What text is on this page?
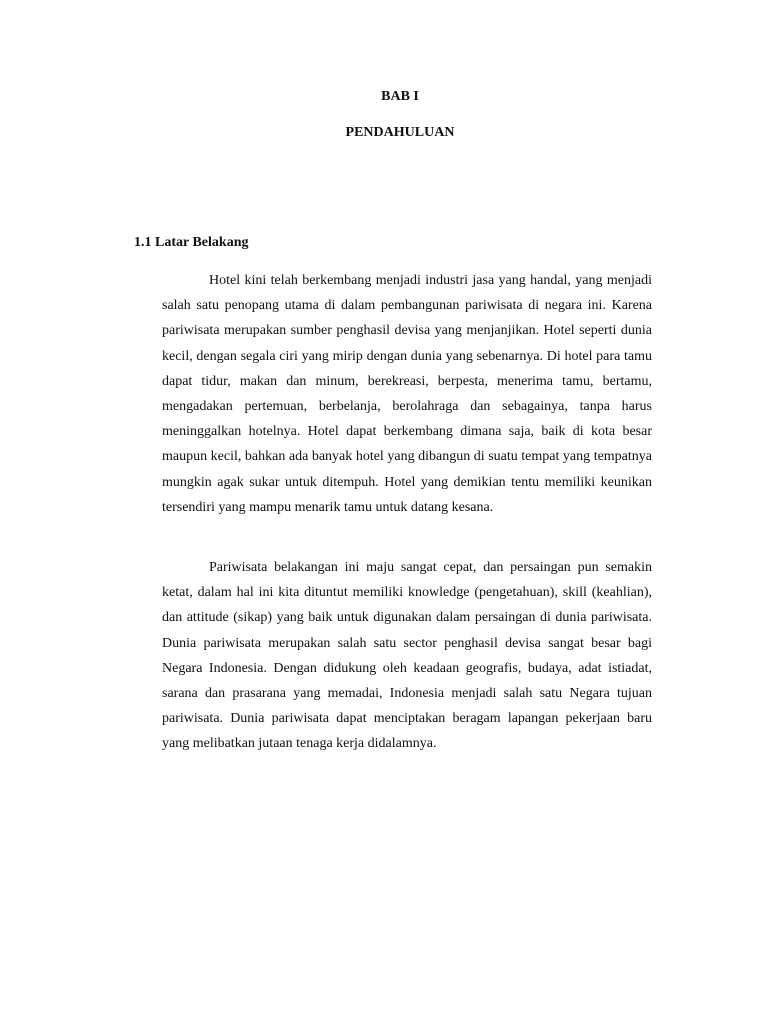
BAB I
PENDAHULUAN
1.1 Latar Belakang

Hotel kini telah berkembang menjadi industri jasa yang handal, yang menjadi salah satu penopang utama di dalam pembangunan pariwisata di negara ini. Karena pariwisata merupakan sumber penghasil devisa yang menjanjikan. Hotel seperti dunia kecil, dengan segala ciri yang mirip dengan dunia yang sebenarnya. Di hotel para tamu dapat tidur, makan dan minum, berekreasi, berpesta, menerima tamu, bertamu, mengadakan pertemuan, berbelanja, berolahraga dan sebagainya, tanpa harus meninggalkan hotelnya. Hotel dapat berkembang dimana saja, baik di kota besar maupun kecil, bahkan ada banyak hotel yang dibangun di suatu tempat yang tempatnya mungkin agak sukar untuk ditempuh. Hotel yang demikian tentu memiliki keunikan tersendiri yang mampu menarik tamu untuk datang kesana.

Pariwisata belakangan ini maju sangat cepat, dan persaingan pun semakin ketat, dalam hal ini kita dituntut memiliki knowledge (pengetahuan), skill (keahlian), dan attitude (sikap) yang baik untuk digunakan dalam persaingan di dunia pariwisata. Dunia pariwisata merupakan salah satu sector penghasil devisa sangat besar bagi Negara Indonesia. Dengan didukung oleh keadaan geografis, budaya, adat istiadat, sarana dan prasarana yang memadai, Indonesia menjadi salah satu Negara tujuan pariwisata. Dunia pariwisata dapat menciptakan beragam lapangan pekerjaan baru yang melibatkan jutaan tenaga kerja didalamnya.
